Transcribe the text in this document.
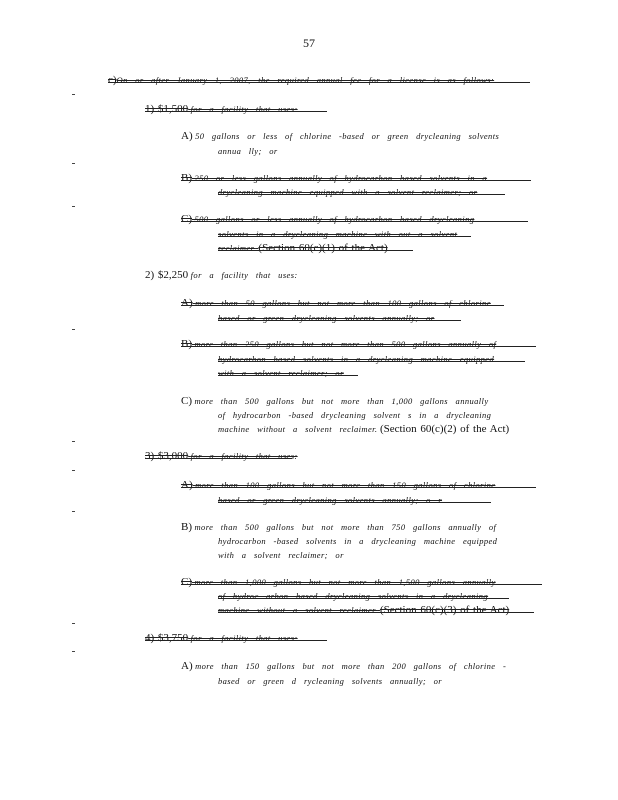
57
c)On or after January 1, 2007, the required annual fee for a license is as follows:
1) $1,500 for a facility that uses:
A) 50 gallons or less of chlorine -based or green drycleaning solvents
annua lly; or
B) 250 or less gallons annually of hydrocarbon based solvents in a
drycleaning machine equipped with a solvent reclaimer; or
C) 500 gallons or less annually of hydrocarbon based drycleaning
solvents in a drycleaning machine with out a solvent
reclaimer. (Section 60(c)(1) of the Act)
2) $2,250 for a facility that uses:
A) more than 50 gallons but not more than 100 gallons of chlorine
based or green drycleaning solvents annually; or
B) more than 250 gallons but not more than 500 gallons annually of
hydrocarbon based solvents in a drycleaning machine equipped
with a solvent reclaimer; or
C) more than 500 gallons but not more than 1,000 gallons annually
of hydrocarbon -based drycleaning solvent s in a drycleaning
machine without a solvent reclaimer. (Section 60(c)(2) of the Act)
3) $3,000 for a facility that uses:
A) more than 100 gallons but not more than 150 gallons of chlorine
based or green drycleaning solvents annually; o r
B) more than 500 gallons but not more than 750 gallons annually of
hydrocarbon -based solvents in a drycleaning machine equipped
with a solvent reclaimer; or
C) more than 1,000 gallons but not more than 1,500 gallons annually
of hydroc arbon based drycleaning solvents in a drycleaning
machine without a solvent reclaimer. (Section 60(c)(3) of the Act)
4) $3,750 for a facility that uses:
A) more than 150 gallons but not more than 200 gallons of chlorine -
based or green d rycleaning solvents annually; or
